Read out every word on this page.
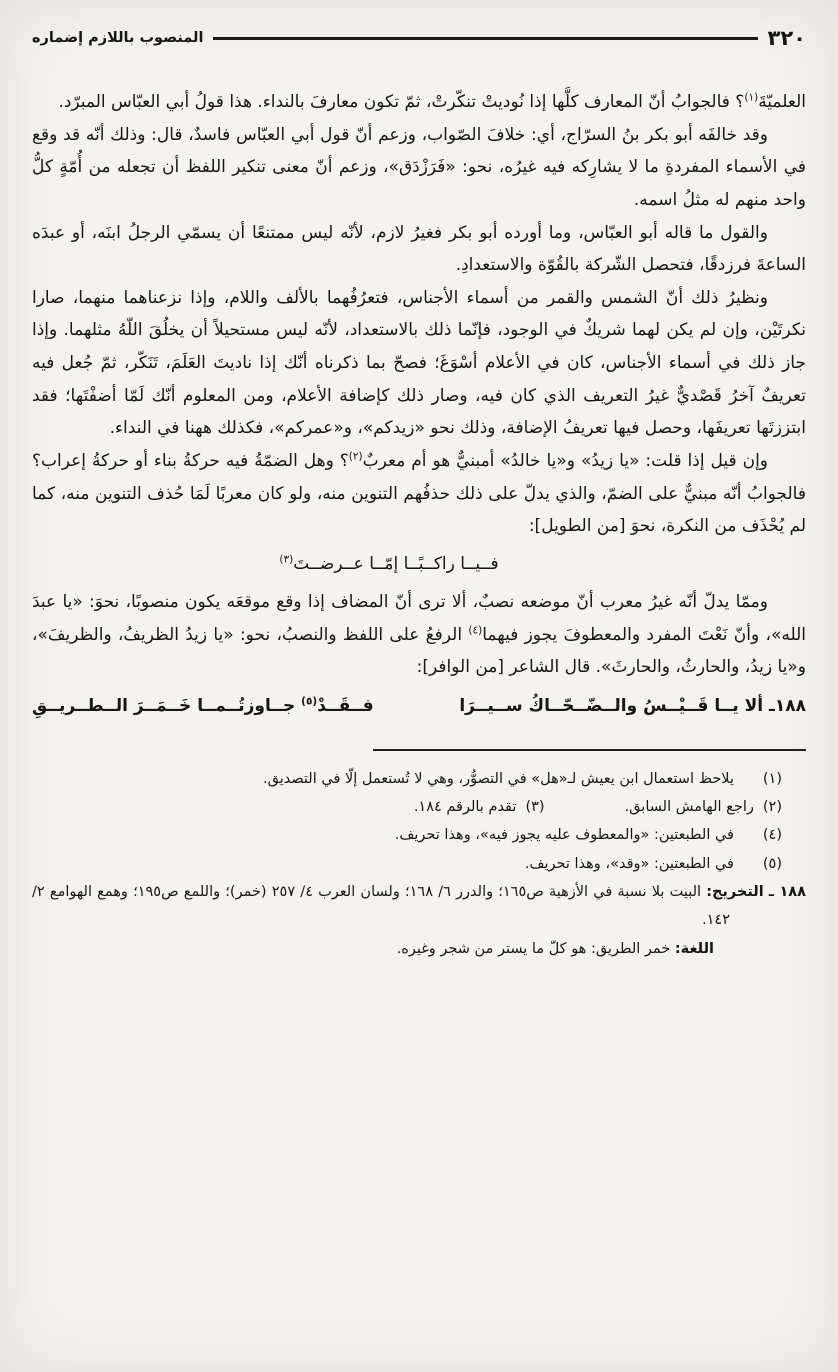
٣٢٠
المنصوب باللازم إضماره

العلميّةَ$^{(١)}$؟ فالجوابُ أنّ المعارف كلَّها إذا نُوديتْ تنكّرتْ، ثمّ تكون معارفَ بالنداء. هذا قولُ أبي العبّاس المبرّد.

وقد خالفَه أبو بكر بنُ السرّاج، أي: خلافَ الصّواب، وزعم أنّ قول أبي العبّاس فاسدٌ، قال: وذلك أنّه قد وقع في الأسماء المفردةِ ما لا يشارِكه فيه غيرُه، نحو: «فَرَزْدَق»، وزعم أنّ معنى تنكير اللفظ أن تجعله من أُمّةٍ كلُّ واحد منهم له مثلُ اسمه.

والقول ما قاله أبو العبّاس، وما أورده أبو بكر فغيرُ لازم، لأنّه ليس ممتنعًا أن يسمّي الرجلُ ابنَه، أو عبدَه الساعةَ فرزدقًا، فتحصل الشّركة بالقُوّة والاستعدادِ.

ونظيرُ ذلك أنّ الشمس والقمر من أسماء الأجناس، فتعرُفُهما بالألف واللام، وإذا نزعناهما منهما، صارا نكرتَيْن، وإن لم يكن لهما شريكٌ في الوجود، فإنّما ذلك بالاستعداد، لأنّه ليس مستحيلاً أن يخلُقَ اللّهُ مثلهما. وإذا جاز ذلك في أسماء الأجناس، كان في الأعلام أسْوَغَ؛ فصحّ بما ذكرناه أنّك إذا ناديتَ العَلَمَ، تَنَكّر، ثمّ جُعل فيه تعريفٌ آخرُ قَصْديٌّ غيرُ التعريف الذي كان فيه، وصار ذلك كإضافة الأعلام، ومن المعلوم أنّك لَمّا أضفْتَها؛ فقد ابتززتَها تعريفَها، وحصل فيها تعريفُ الإضافة، وذلك نحو «زيدكم»، و«عمركم»، فكذلك ههنا في النداء.

وإن قيل إذا قلت: «يا زيدُ» و«يا خالدُ» أمبنيٌّ هو أم معربٌ$^{(٢)}$؟ وهل الضمّةُ فيه حركةُ بناء أو حركةُ إعراب؟ فالجوابُ أنّه مبنيٌّ على الضمّ، والذي يدلّ على ذلك حذفُهم التنوين منه، ولو كان معربًا لَمَا حُذف التنوين منه، كما لم يُحْذَف من النكرة، نحوَ [من الطويل]:

فــيــا راكــبًــا إمّــا عــرضــتَ$^{(٣)}$

وممّا يدلّ أنّه غيرُ معرب أنّ موضعه نصبٌ، ألا ترى أنّ المضاف إذا وقع موقعَه يكون منصوبًا، نحوَ: «يا عبدَ الله»، وأنّ نَعْتَ المفرد والمعطوفَ يجوز فيهما$^{(٤)}$ الرفعُ على اللفظ والنصبُ، نحو: «يا زيدُ الظريفُ، والظريفَ»، و«يا زيدُ، والحارثُ، والحارثَ». قال الشاعر [من الوافر]:

١٨٨ـ ألا يــا قَــيْــسُ والــضّــحّــاكُ ســيــرَا
فــقَــدْ$^{(٥)}$ جــاوزتُــمــا خَــمَــرَ الــطــريــقِ
(١)
يلاحظ استعمال ابن يعيش لـ«هل» في التصوُّر، وهي لا تُستعمل إلّا في التصديق.
(٢)راجع الهامش السابق.
(٣)تقدم بالرقم ١٨٤.
(٤)
في الطبعتين: «والمعطوف عليه يجوز فيه»، وهذا تحريف.
(٥)
في الطبعتين: «وقد»، وهذا تحريف.
١٨٨ ـ التخريج: البيت بلا نسبة في الأزهية ص١٦٥؛ والدرر ٦/ ١٦٨؛ ولسان العرب ٤/ ٢٥٧ (خمر)؛ واللمع ص١٩٥؛ وهمع الهوامع ٢/ ١٤٢.
اللغة: خمر الطريق: هو كلّ ما يستر من شجر وغيره.
